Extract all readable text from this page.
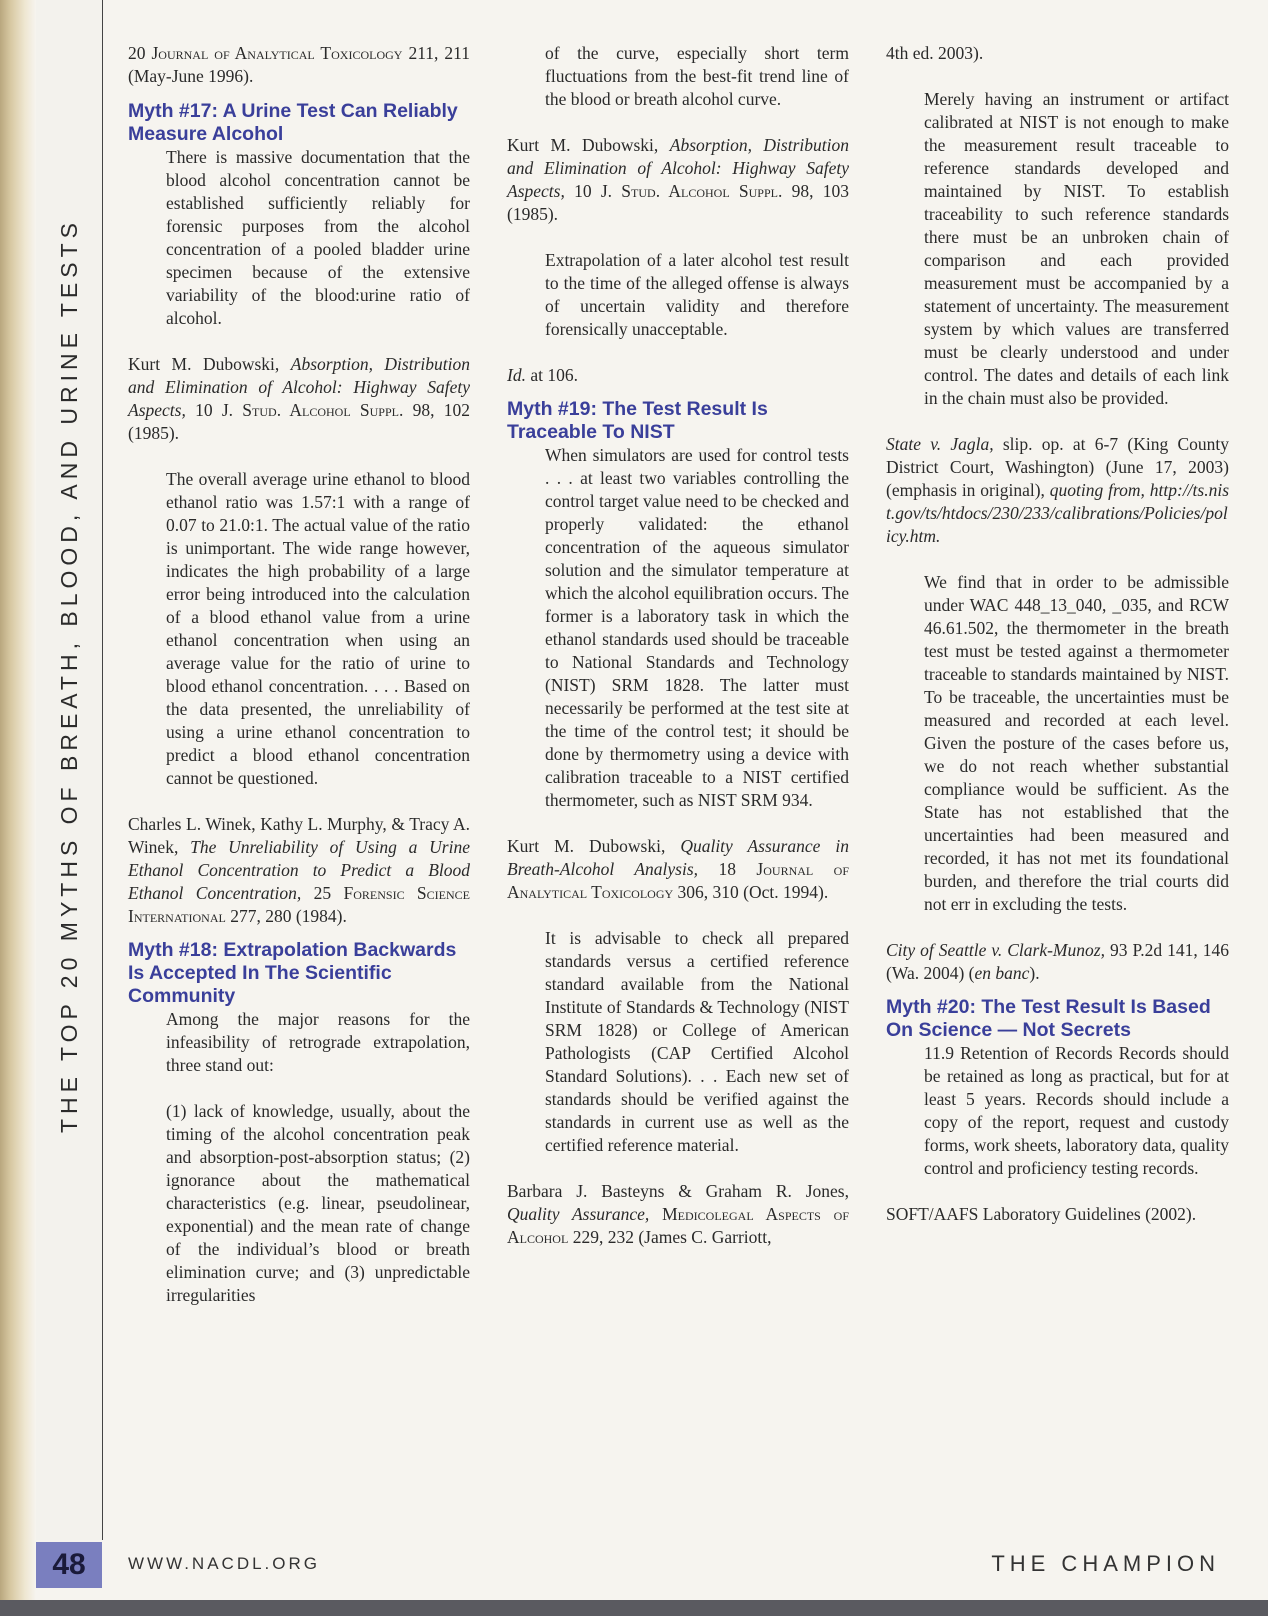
THE TOP 20 MYTHS OF BREATH, BLOOD, AND URINE TESTS

20 Journal of Analytical Toxicology 211, 211 (May-June 1996).

Myth #17: A Urine Test Can Reliably Measure Alcohol

There is massive documentation that the blood alcohol concentration cannot be established sufficiently reliably for forensic purposes from the alcohol concentration of a pooled bladder urine specimen because of the extensive variability of the blood:urine ratio of alcohol.

Kurt M. Dubowski, Absorption, Distribution and Elimination of Alcohol: Highway Safety Aspects, 10 J. Stud. Alcohol Suppl. 98, 102 (1985).

The overall average urine ethanol to blood ethanol ratio was 1.57:1 with a range of 0.07 to 21.0:1. The actual value of the ratio is unimportant. The wide range however, indicates the high probability of a large error being introduced into the calculation of a blood ethanol value from a urine ethanol concentration when using an average value for the ratio of urine to blood ethanol concentration. . . . Based on the data presented, the unreliability of using a urine ethanol concentration to predict a blood ethanol concentration cannot be questioned.

Charles L. Winek, Kathy L. Murphy, & Tracy A. Winek, The Unreliability of Using a Urine Ethanol Concentration to Predict a Blood Ethanol Concentration, 25 Forensic Science International 277, 280 (1984).

Myth #18: Extrapolation Backwards Is Accepted In The Scientific Community

Among the major reasons for the infeasibility of retrograde extrapolation, three stand out:

(1) lack of knowledge, usually, about the timing of the alcohol concentration peak and absorption-post-absorption status; (2) ignorance about the mathematical characteristics (e.g. linear, pseudolinear, exponential) and the mean rate of change of the individual’s blood or breath elimination curve; and (3) unpredictable irregularities

of the curve, especially short term fluctuations from the best-fit trend line of the blood or breath alcohol curve.

Kurt M. Dubowski, Absorption, Distribution and Elimination of Alcohol: Highway Safety Aspects, 10 J. Stud. Alcohol Suppl. 98, 103 (1985).

Extrapolation of a later alcohol test result to the time of the alleged offense is always of uncertain validity and therefore forensically unacceptable.

Id. at 106.

Myth #19: The Test Result Is Traceable To NIST

When simulators are used for control tests . . . at least two variables controlling the control target value need to be checked and properly validated: the ethanol concentration of the aqueous simulator solution and the simulator temperature at which the alcohol equilibration occurs. The former is a laboratory task in which the ethanol standards used should be traceable to National Standards and Technology (NIST) SRM 1828. The latter must necessarily be performed at the test site at the time of the control test; it should be done by thermometry using a device with calibration traceable to a NIST certified thermometer, such as NIST SRM 934.

Kurt M. Dubowski, Quality Assurance in Breath-Alcohol Analysis, 18 Journal of Analytical Toxicology 306, 310 (Oct. 1994).

It is advisable to check all prepared standards versus a certified reference standard available from the National Institute of Standards & Technology (NIST SRM 1828) or College of American Pathologists (CAP Certified Alcohol Standard Solutions). . . Each new set of standards should be verified against the standards in current use as well as the certified reference material.

Barbara J. Basteyns & Graham R. Jones, Quality Assurance, Medicolegal Aspects of Alcohol 229, 232 (James C. Garriott,

4th ed. 2003).

Merely having an instrument or artifact calibrated at NIST is not enough to make the measurement result traceable to reference standards developed and maintained by NIST. To establish traceability to such reference standards there must be an unbroken chain of comparison and each provided measurement must be accompanied by a statement of uncertainty. The measurement system by which values are transferred must be clearly understood and under control. The dates and details of each link in the chain must also be provided.

State v. Jagla, slip. op. at 6-7 (King County District Court, Washington) (June 17, 2003)(emphasis in original), quoting from, http://ts.nist.gov/ts/htdocs/230/233/calibrations/Policies/policy.htm.

We find that in order to be admissible under WAC 448_13_040, _035, and RCW 46.61.502, the thermometer in the breath test must be tested against a thermometer traceable to standards maintained by NIST. To be traceable, the uncertainties must be measured and recorded at each level. Given the posture of the cases before us, we do not reach whether substantial compliance would be sufficient. As the State has not established that the uncertainties had been measured and recorded, it has not met its foundational burden, and therefore the trial courts did not err in excluding the tests.

City of Seattle v. Clark-Munoz, 93 P.2d 141, 146 (Wa. 2004) (en banc).

Myth #20: The Test Result Is Based On Science — Not Secrets

11.9 Retention of Records Records should be retained as long as practical, but for at least 5 years. Records should include a copy of the report, request and custody forms, work sheets, laboratory data, quality control and proficiency testing records.

SOFT/AAFS Laboratory Guidelines (2002).

48	WWW.NACDL.ORG	THE CHAMPION
